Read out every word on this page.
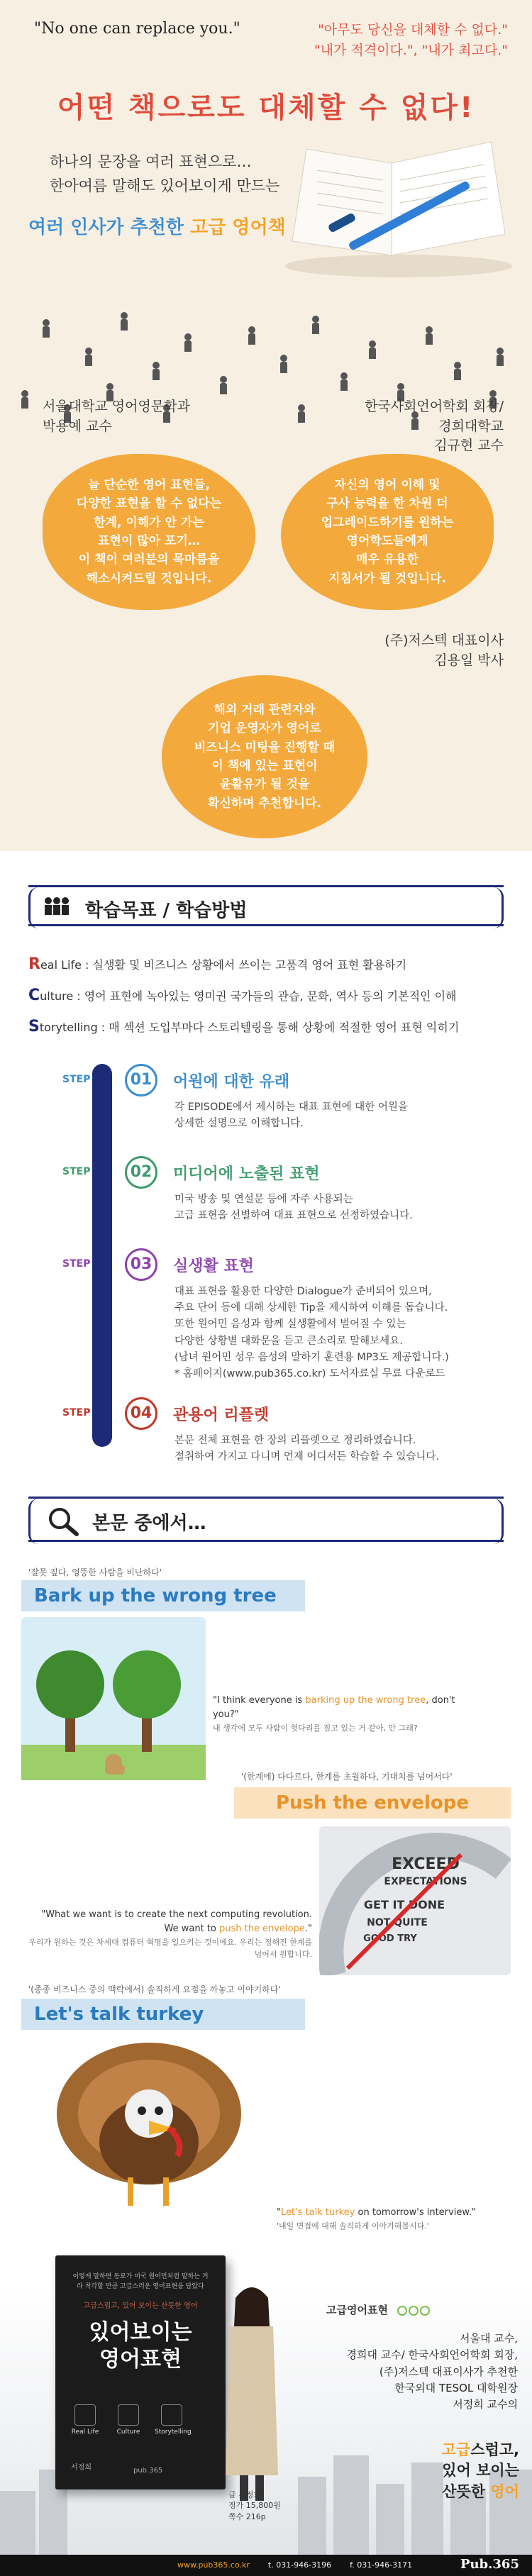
"No one can replace you."	"아무도 당신을 대체할 수 없다."
"내가 적격이다.", "내가 최고다."
어떤 책으로도 대체할 수 없다!
하나의 문장을 여러 표현으로…
한아여름 말해도 있어보이게 만드는
여러 인사가 추천한 고급 영어책
서울대학교 영어영문학과
박용예 교수
한국사회언어학회 회장/
경희대학교
김규현 교수
늘 단순한 영어 표현들,
다양한 표현을 할 수 없다는
한계, 이해가 안 가는
표현이 많아 포기…
이 책이 여러분의 목마름을
해소시켜드릴 것입니다.
자신의 영어 이해 및
구사 능력을 한 차원 더
업그레이드하기를 원하는
영어학도들에게
매우 유용한
지침서가 될 것입니다.
(주)저스텍 대표이사
김용일 박사
해외 거래 관련자와
기업 운영자가 영어로
비즈니스 미팅을 진행할 때
이 책에 있는 표현이
윤활유가 될 것을
확신하며 추천합니다.
학습목표 / 학습방법
Real Life : 실생활 및 비즈니스 상황에서 쓰이는 고품격 영어 표현 활용하기
Culture : 영어 표현에 녹아있는 영미권 국가들의 관습, 문화, 역사 등의 기본적인 이해
Storytelling : 매 섹션 도입부마다 스토리텔링을 통해 상황에 적절한 영어 표현 익히기
STEP	01	어원에 대한 유래
각 EPISODE에서 제시하는 대표 표현에 대한 어원을
상세한 설명으로 이해합니다.
STEP	02	미디어에 노출된 표현
미국 방송 및 연설문 등에 자주 사용되는
고급 표현을 선별하여 대표 표현으로 선정하였습니다.
STEP	03	실생활 표현
대표 표현을 활용한 다양한 Dialogue가 준비되어 있으며,
주요 단어 등에 대해 상세한 Tip을 제시하여 이해를 돕습니다.
또한 원어민 음성과 함께 실생활에서 벌어질 수 있는
다양한 상황별 대화문을 듣고 큰소리로 말해보세요.
(남녀 원어민 성우 음성의 말하기 훈련용 MP3도 제공합니다.)
* 홈페이지(www.pub365.co.kr) 도서자료실 무료 다운로드
STEP	04	관용어 리플렛
본문 전체 표현을 한 장의 리플렛으로 정리하였습니다.
절취하여 가지고 다니며 언제 어디서든 학습할 수 있습니다.
본문 중에서…
'잘못 짚다, 엉뚱한 사람을 비난하다'
Bark up the wrong tree
"I think everyone is barking up the wrong tree, don't you?"
내 생각에 모두 사람이 헛다리를 짚고 있는 거 같아, 안 그래?
'(한계에) 다다르다, 한계를 초월하다, 기대치를 넘어서다'
Push the envelope
"What we want is to create the next computing revolution. We want to push the envelope."
우리가 원하는 것은 차세대 컴퓨터 혁명을 일으키는 것이에요. 우리는 정해진 한계를 넘어서 원합니다.
EXCEED
EXPECTATIONS
GET IT DONE
NOT QUITE
GOOD TRY
'(종종 비즈니스 중의 맥락에서) 솔직하게 요점을 까놓고 이야기하다'
Let's talk turkey
"Let's talk turkey on tomorrow's interview."
'내일 면접에 대해 솔직하게 이야기해봅시다.'
이렇게 말하면 동료가 미국 원어민처럼 말하는 거라 착각할 만큼 고급스러운 영어표현을 담았다
고급스럽고, 있어 보이는 산뜻한 영어
있어보이는
영어표현
Real Life	Culture	Storytelling
서정희	pub.365
글 서정희
정가 15,800원
쪽수 216p
고급영어표현
서울대 교수,
경희대 교수/ 한국사회언어학회 회장,
(주)저스텍 대표이사가 추천한
한국외대 TESOL 대학원장
서정희 교수의
고급스럽고,
있어 보이는
산뜻한 영어
www.pub365.co.kr t. 031-946-3196 f. 031-946-3171	Pub.365
